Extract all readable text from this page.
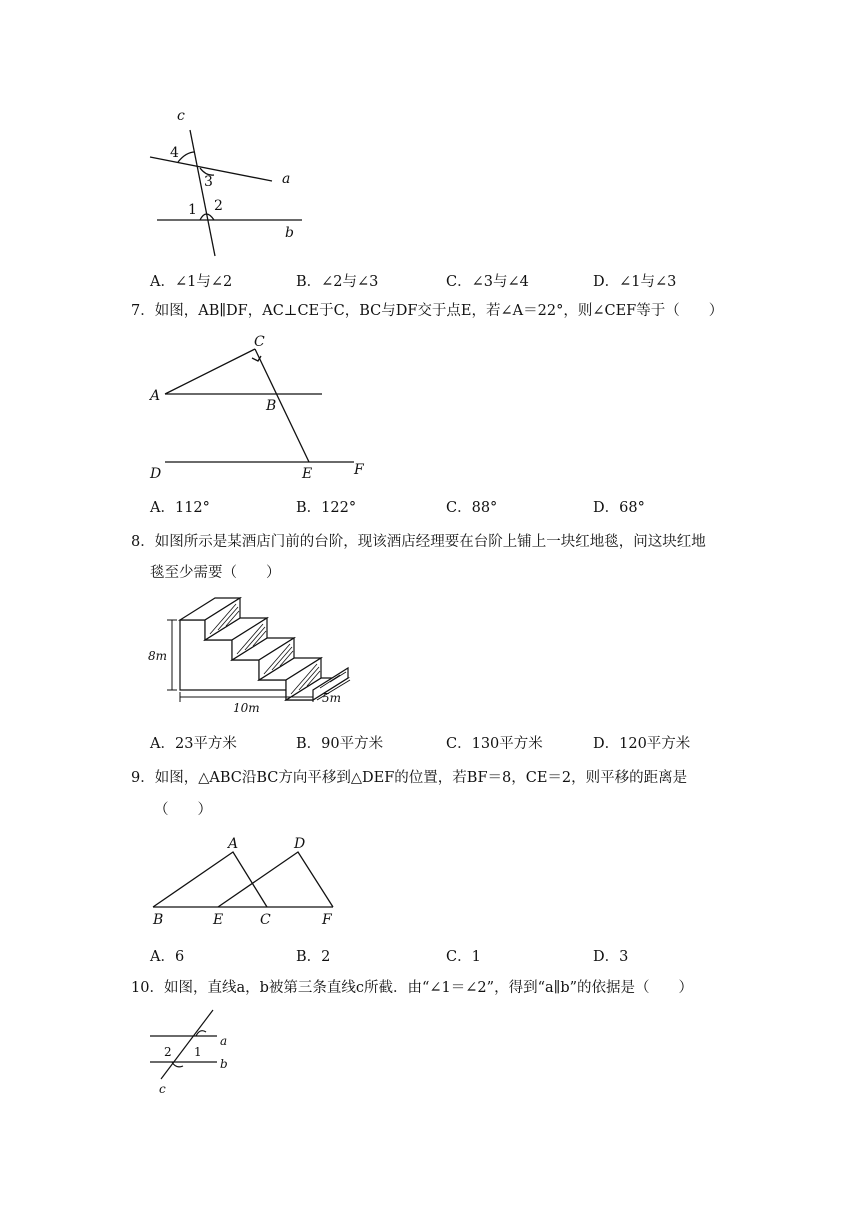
c
4
3	a
1 2
b
A．∠1与∠2	B．∠2与∠3	C．∠3与∠4	D．∠1与∠3
7．如图，AB∥DF，AC⊥CE于C，BC与DF交于点E，若∠A＝22°，则∠CEF等于（　　）
C
A
B
D	E	F
A．112°	B．122°	C．88°	D．68°
8．如图所示是某酒店门前的台阶，现该酒店经理要在台阶上铺上一块红地毯，问这块红地
毯至少需要（　　）
8m
10m
5m
A．23平方米	B．90平方米	C．130平方米	D．120平方米
9．如图，△ABC沿BC方向平移到△DEF的位置，若BF＝8，CE＝2，则平移的距离是
（　　）
A	D
B	E	C	F
A．6	B．2	C．1	D．3
10．如图，直线a，b被第三条直线c所截．由“∠1＝∠2”，得到“a∥b”的依据是（　　）
a
b
2 1
c
